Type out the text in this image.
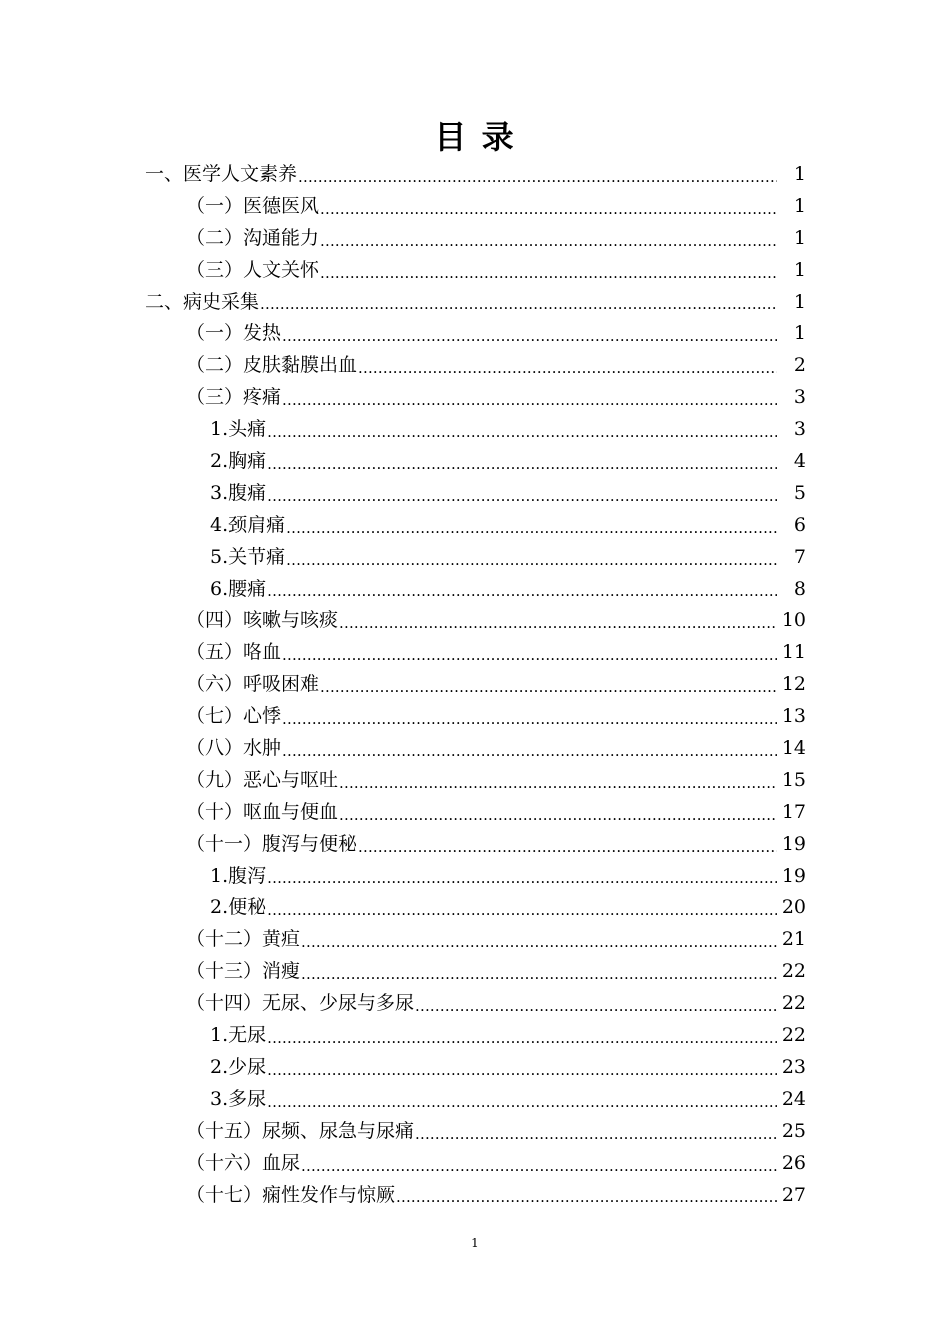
目 录
一、医学人文素养 .....	1
（一）医德医风 .....	1
（二）沟通能力 .....	1
（三）人文关怀 .....	1
二、病史采集 .....	1
（一）发热 .....	1
（二）皮肤黏膜出血 .....	2
（三）疼痛 .....	3
1.头痛 .....	3
2.胸痛 .....	4
3.腹痛 .....	5
4.颈肩痛 .....	6
5.关节痛 .....	7
6.腰痛 .....	8
（四）咳嗽与咳痰 .....	10
（五）咯血 .....	11
（六）呼吸困难 .....	12
（七）心悸 .....	13
（八）水肿 .....	14
（九）恶心与呕吐 .....	15
（十）呕血与便血 .....	17
（十一）腹泻与便秘 .....	19
1.腹泻 .....	19
2.便秘 .....	20
（十二）黄疸 .....	21
（十三）消瘦 .....	22
（十四）无尿、少尿与多尿 .....	22
1.无尿 .....	22
2.少尿 .....	23
3.多尿 .....	24
（十五）尿频、尿急与尿痛 .....	25
（十六）血尿 .....	26
（十七）痫性发作与惊厥 .....	27
1
